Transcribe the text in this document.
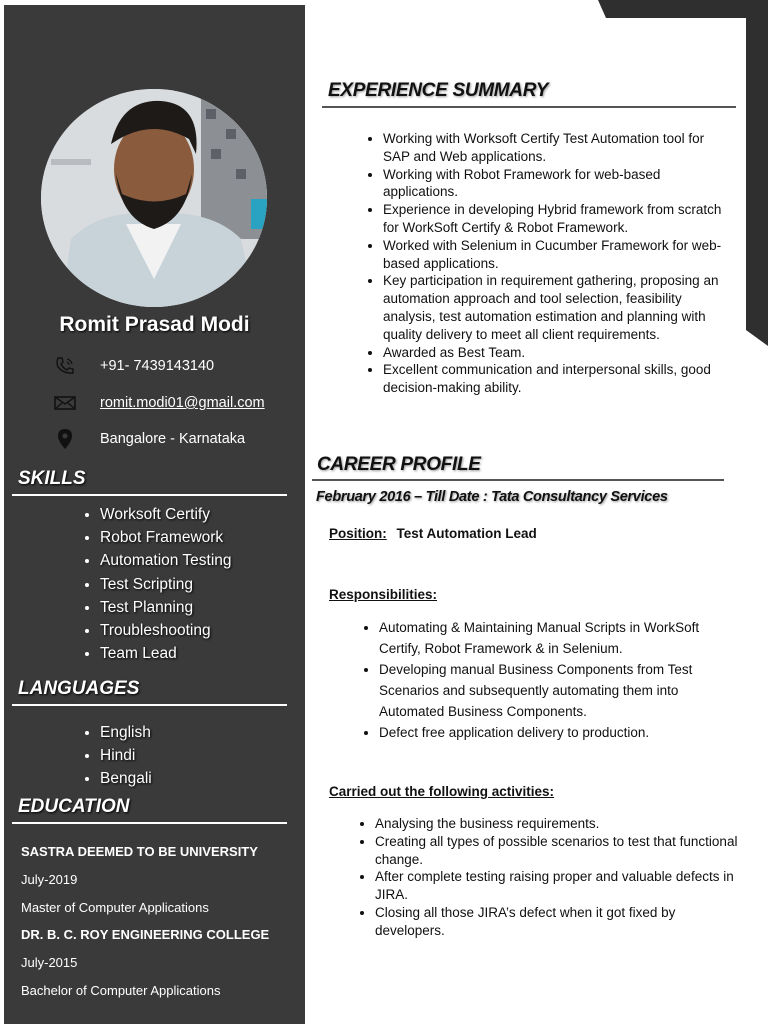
Romit Prasad Modi
+91- 7439143140
romit.modi01@gmail.com
Bangalore - Karnataka
SKILLS
• Worksoft Certify
• Robot Framework
• Automation Testing
• Test Scripting
• Test Planning
• Troubleshooting
• Team Lead
LANGUAGES
• English
• Hindi
• Bengali
EDUCATION
SASTRA DEEMED TO BE UNIVERSITY
July-2019
Master of Computer Applications
DR. B. C. ROY ENGINEERING COLLEGE
July-2015
Bachelor of Computer Applications
EXPERIENCE SUMMARY
• Working with Worksoft Certify Test Automation tool for SAP and Web applications.
• Working with Robot Framework for web-based applications.
• Experience in developing Hybrid framework from scratch for WorkSoft Certify & Robot Framework.
• Worked with Selenium in Cucumber Framework for web-based applications.
• Key participation in requirement gathering, proposing an automation approach and tool selection, feasibility analysis, test automation estimation and planning with quality delivery to meet all client requirements.
• Awarded as Best Team.
• Excellent communication and interpersonal skills, good decision-making ability.
CAREER PROFILE
February 2016 – Till Date : Tata Consultancy Services
Position: Test Automation Lead
Responsibilities:
• Automating & Maintaining Manual Scripts in WorkSoft Certify, Robot Framework & in Selenium.
• Developing manual Business Components from Test Scenarios and subsequently automating them into Automated Business Components.
• Defect free application delivery to production.
Carried out the following activities:
• Analysing the business requirements.
• Creating all types of possible scenarios to test that functional change.
• After complete testing raising proper and valuable defects in JIRA.
• Closing all those JIRA’s defect when it got fixed by developers.
